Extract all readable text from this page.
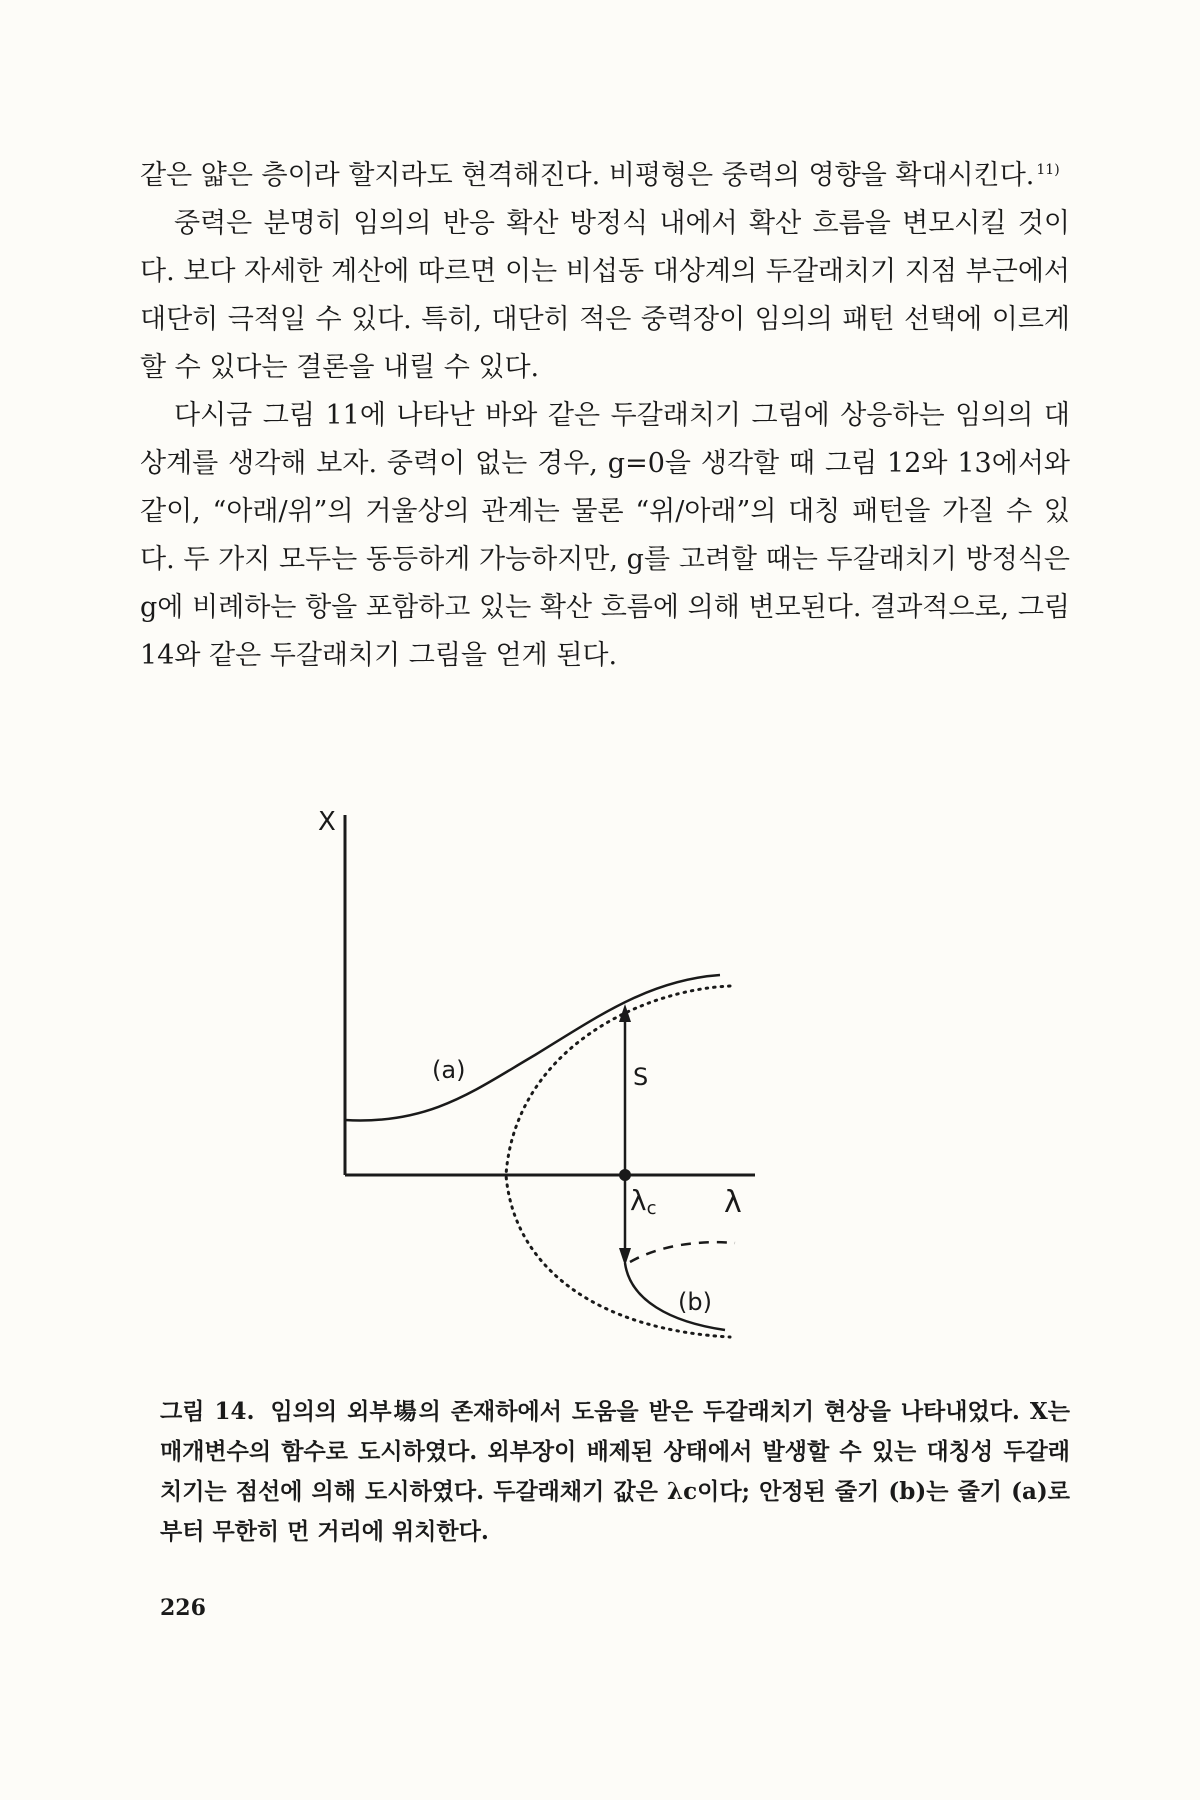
같은 얇은 층이라 할지라도 현격해진다. 비평형은 중력의 영향을 확대시킨다. $^{11)}$

중력은 분명히 임의의 반응 확산 방정식 내에서 확산 흐름을 변모시킬 것이다. 보다 자세한 계산에 따르면 이는 비섭동 대상계의 두갈래치기 지점 부근에서 대단히 극적일 수 있다. 특히, 대단히 적은 중력장이 임의의 패턴 선택에 이르게 할 수 있다는 결론을 내릴 수 있다.

다시금 그림 11에 나타난 바와 같은 두갈래치기 그림에 상응하는 임의의 대상계를 생각해 보자. 중력이 없는 경우, g=0을 생각할 때 그림 12와 13에서와 같이, “아래/위”의 거울상의 관계는 물론 “위/아래”의 대칭 패턴을 가질 수 있다. 두 가지 모두는 동등하게 가능하지만, g를 고려할 때는 두갈래치기 방정식은 g에 비례하는 항을 포함하고 있는 확산 흐름에 의해 변모된다. 결과적으로, 그림 14와 같은 두갈래치기 그림을 얻게 된다.

X
λ
(a)
(b)
S
λc
그림 14. 임의의 외부場의 존재하에서 도움을 받은 두갈래치기 현상을 나타내었다. X는 매개변수의 함수로 도시하였다. 외부장이 배제된 상태에서 발생할 수 있는 대칭성 두갈래치기는 점선에 의해 도시하였다. 두갈래채기 값은 λc이다; 안정된 줄기 (b)는 줄기 (a)로부터 무한히 먼 거리에 위치한다.
226
